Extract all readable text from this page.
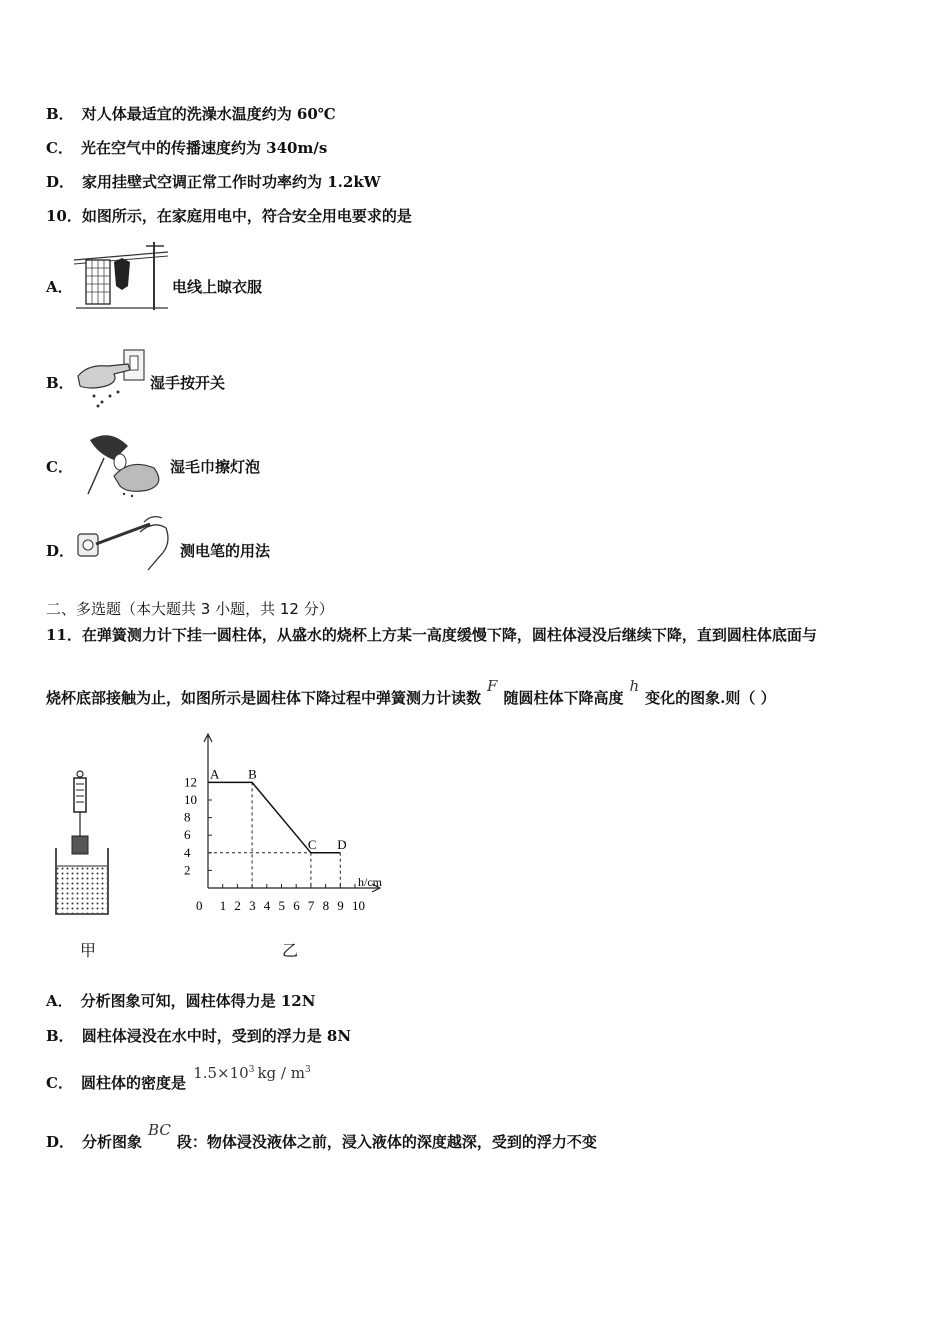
B． 对人体最适宜的洗澡水温度约为 60℃
C． 光在空气中的传播速度约为 340m/s
D． 家用挂壁式空调正常工作时功率约为 1.2kW
10．如图所示，在家庭用电中，符合安全用电要求的是
A．	电线上晾衣服
B．	湿手按开关
C．	湿毛巾擦灯泡
D．	测电笔的用法
二、多选题（本大题共 3 小题，共 12 分）
11．在弹簧测力计下挂一圆柱体，从盛水的烧杯上方某一高度缓慢下降，圆柱体浸没后继续下降，直到圆柱体底面与
烧杯底部接触为止，如图所示是圆柱体下降过程中弹簧测力计读数F随圆柱体下降高度h变化的图象.则（ ）
甲
h/cm
0 1 2 3 4 5 6 7 8 9 10
2
4
6
8
10
12
A B
C D
乙
A． 分析图象可知，圆柱体得力是 12N
B． 圆柱体浸没在水中时，受到的浮力是 8N
C． 圆柱体的密度是 $1.5\times 10^3$ kg / $m^3$
D． 分析图象BC段：物体浸没液体之前，浸入液体的深度越深，受到的浮力不变
